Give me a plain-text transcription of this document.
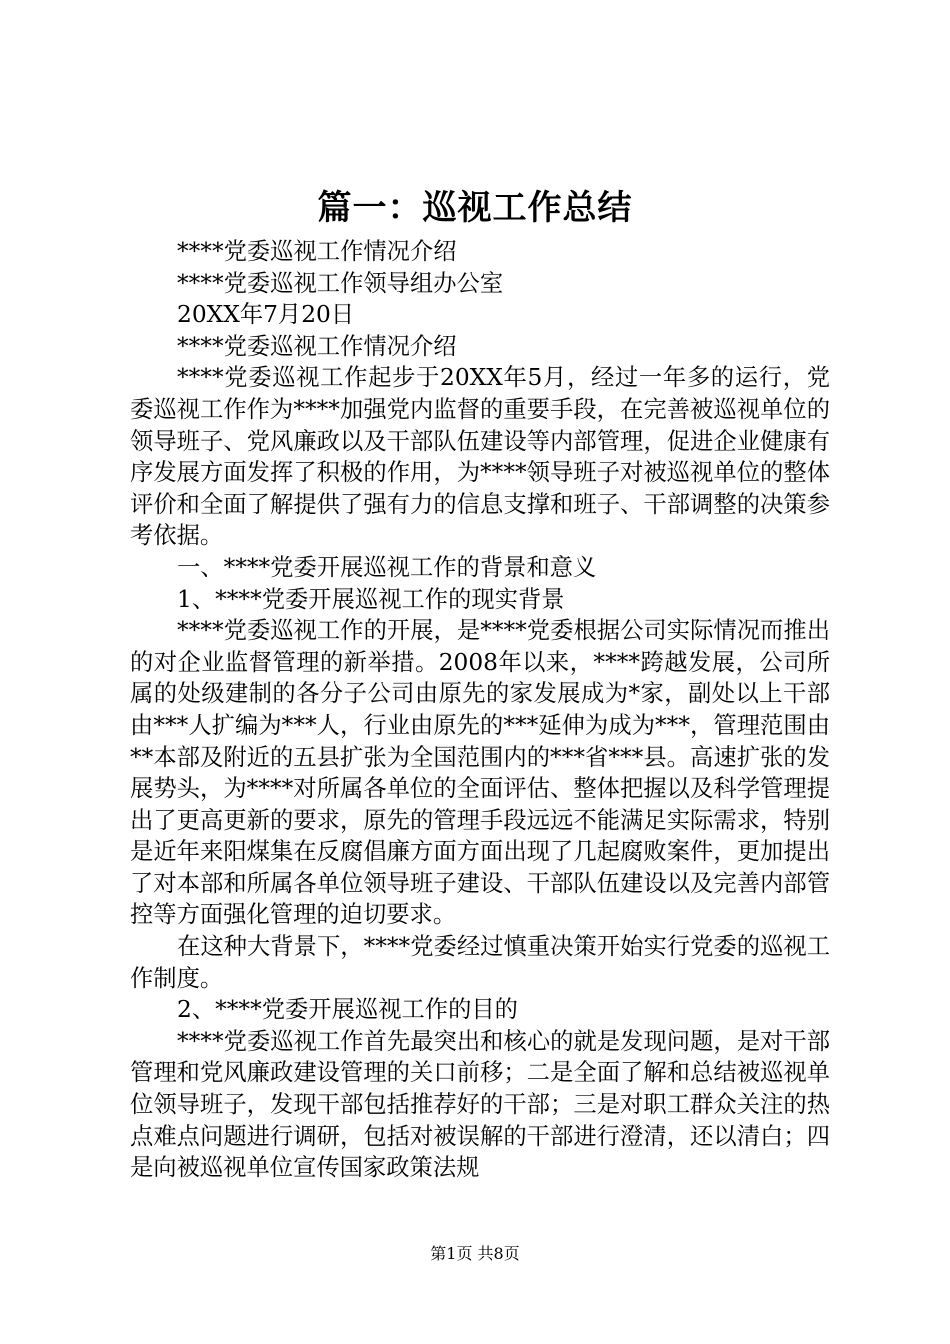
篇一：巡视工作总结

****党委巡视工作情况介绍

****党委巡视工作领导组办公室

20XX年7月20日

****党委巡视工作情况介绍

****党委巡视工作起步于20XX年5月，经过一年多的运行，党委巡视工作作为****加强党内监督的重要手段，在完善被巡视单位的领导班子、党风廉政以及干部队伍建设等内部管理，促进企业健康有序发展方面发挥了积极的作用，为****领导班子对被巡视单位的整体评价和全面了解提供了强有力的信息支撑和班子、干部调整的决策参考依据。

一、****党委开展巡视工作的背景和意义

1、****党委开展巡视工作的现实背景

****党委巡视工作的开展，是****党委根据公司实际情况而推出的对企业监督管理的新举措。2008年以来，****跨越发展，公司所属的处级建制的各分子公司由原先的家发展成为*家，副处以上干部由***人扩编为***人，行业由原先的***延伸为成为***，管理范围由**本部及附近的五县扩张为全国范围内的***省***县。高速扩张的发展势头，为****对所属各单位的全面评估、整体把握以及科学管理提出了更高更新的要求，原先的管理手段远远不能满足实际需求，特别是近年来阳煤集在反腐倡廉方面方面出现了几起腐败案件，更加提出了对本部和所属各单位领导班子建设、干部队伍建设以及完善内部管控等方面强化管理的迫切要求。

在这种大背景下，****党委经过慎重决策开始实行党委的巡视工作制度。

2、****党委开展巡视工作的目的

****党委巡视工作首先最突出和核心的就是发现问题，是对干部管理和党风廉政建设管理的关口前移；二是全面了解和总结被巡视单位领导班子，发现干部包括推荐好的干部；三是对职工群众关注的热点难点问题进行调研，包括对被误解的干部进行澄清，还以清白；四是向被巡视单位宣传国家政策法规

第1页 共8页
